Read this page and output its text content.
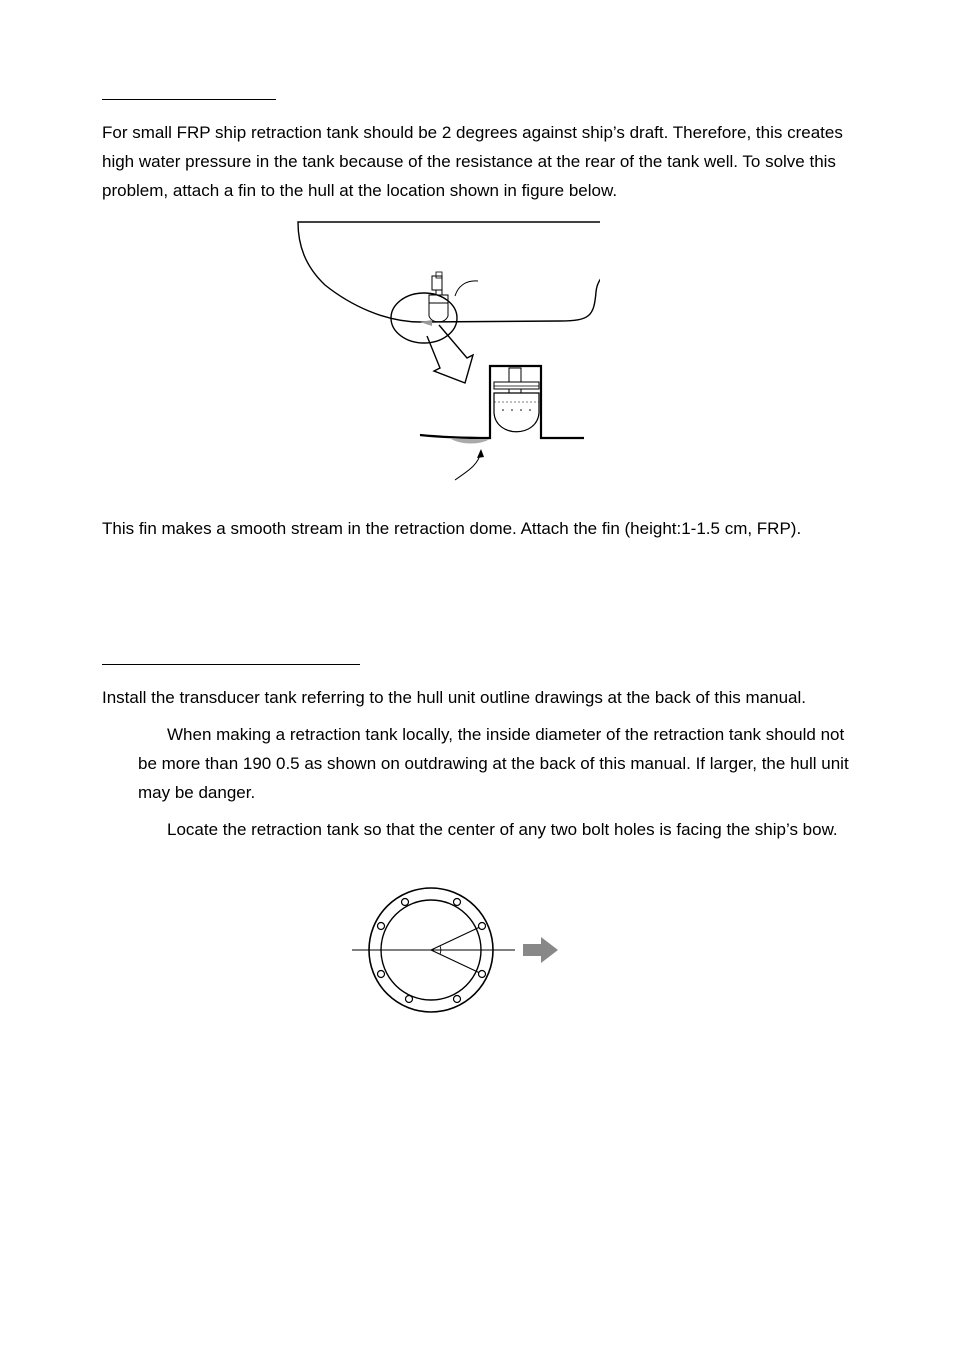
For small FRP ship retraction tank should be 2 degrees against ship’s draft. Therefore, this creates high water pressure in the tank because of the resistance at the rear of the tank well. To solve this problem, attach a fin to the hull at the location shown in figure below.

This fin makes a smooth stream in the retraction dome. Attach the fin (height:1-1.5 cm, FRP).

Install the transducer tank referring to the hull unit outline drawings at the back of this manual.

When making a retraction tank locally, the inside diameter of the retraction tank should not be more than 190 0.5 as shown on outdrawing at the back of this manual. If larger, the hull unit may be danger.

Locate the retraction tank so that the center of any two bolt holes is facing the ship’s bow.
